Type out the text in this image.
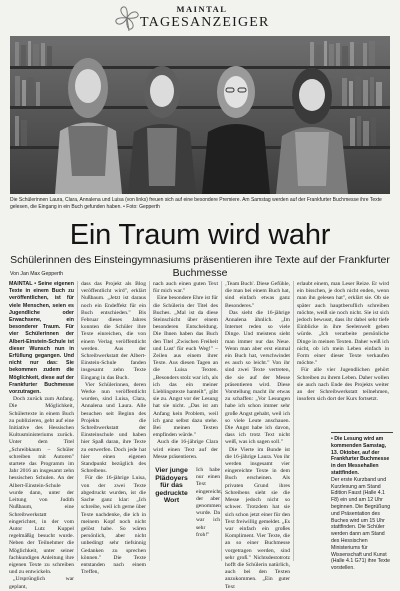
MAINTAL
TAGESANZEIGER
Die Schülerinnen Laura, Clara, Annalena und Luisa (von links) freuen sich auf eine besondere Premiere. Am Samstag werden auf der Frankfurter Buchmesse ihre Texte gelesen, die Eingang in ein Buch gefunden haben. • Foto: Gepperth
Ein Traum wird wahr
Schülerinnen des Einsteingymnasiums präsentieren ihre Texte auf der Frankfurter Buchmesse
Von Jan Max Gepperth

MAINTAL • Seine eigenen Texte in einem Buch zu veröffentlichen, ist für viele Menschen, seien es Jugendliche oder Erwachsene, ein besonderer Traum. Für vier Schülerinnen der Albert-Einstein-Schule ist dieser Wunsch nun in Erfüllung gegangen. Und nicht nur das: Sie bekommen zudem die Möglichkeit, diese auf der Frankfurter Buchmesse vorzutragen.

Doch zurück zum Anfang. Die Möglichkeit, Schülertexte in einem Buch zu publizieren, geht auf eine Initiative des Hessischen Kultusministeriums zurück. Unter dem Titel „Schreibkaum – Schüler schreiben mit Autoren" startete das Programm im Jahr 2016 an insgesamt zehn hessischen Schulen. An der Albert-Einstein-Schule wurde dann, unter der Leitung von Judith Nußbaum, eine Schreibwerkstatt eingerichtet, in der vom Autor Lutz Kuppel regelmäßig besucht wurde. Neben der Teilnehmer die Möglichkeit, unter seiner fachkundigen Anleitung ihre eigenen Texte zu schreiben und zu entwickeln.

„Ursprünglich war geplant,

dass das Projekt als Blog veröffentlicht wird", erklärt Nußbaum. „Jetzt ist daraus noch ein Endeffekt für ein Buch entschieden." Bis Februar dieses Jahres konnten die Schüler ihre Texte einreichen, die von einem Verlag veröffentlicht werden. Aus der Schreibwerkstatt der Albert-Einstein-Schule fanden insgesamt zehn Texte Eingang in das Buch.

Vier Schülerinnen, deren Werke nun veröffentlicht wurden, sind Luisa, Clara, Annalena und Laura. Alle besuchen seit Beginn des Projekts die Schreibwerkstatt der Einsteinschule und haben hier Spaß daran, ihre Texte zu entwerfen. Doch jede hat hier einen eigenen Standpunkt bezüglich des Schreibens.

Für die 16-jährige Luisa, von der zwei Texte abgedruckt wurden, ist die Sache ganz klar: „Ich schreibe, weil ich gerne über Texte nachdenke, die ich in meinem Kopf noch nicht gelöst habe. So wären persönlich, aber nicht unbedingt sehr tiefsinnig Gedanken zu sprechen können." Die Texte entstanden nach einem Treffen,

nach auch einen guten Text für mich war."

Eine besondere Ehre ist für die Schülerin der Titel des Buches. „Mal ist da diese Steinschicht über einem besonderen Entscheidung. Die Ihnen haben das Buch den Titel ‚Zwischen Freiheit und Lust' für euch Weg!" – Zeilen aus einem ihrer Texte. Aus diesen Tagen an die Luisa Texten. „Besonders stolz war ich, als ich das ein meiner Lieblingstexte hanteilt", gibt sie zu. Angst vor der Lesung hat sie nicht. „Das ist am Anfang kein Problem, weil ich ganz selbst dazu stehe. Bei meinen Texten empfinden würde."

Auch die 16-jährige Clara wird einen Text auf der Messe präsentieren.

Ich habe nur einen Text eingereicht, der aber genommen wurde. Da war ich sehr froh!"

Vier junge Plädoyers für das gedruckte Wort

‚Team Buch'. Diese Gefühle, die man bei einem Buch hat, sind einfach etwas ganz Besonderes."

Das sieht die 16-jährige Annalena ähnlich. „Im Internet reden so viele Dinge. Und meistens sieht man immer nur das Neue. Wenn man aber erst einmal ein Buch hat, verschwindet es auch so leicht." Von ihr sind zwei Texte vertreten, die sie auf der Messe präsentieren wird. Diese Vorstellung macht ihr etwas zu schaffen: „Vor Lesungen habe ich schon immer sehr große Angst gehabt, weil ich so viele Leute anschauen. Die Angst habe ich davon, dass ich trotz Text nicht weiß, was ich sagen soll."

Die Vierte im Bunde ist die 16-jährige Laura. Von ihr werden insgesamt vier eingereichte Texte in dem Buch erscheinen. Als privaten Grund ihres Schreibens sieht sie die Messe jedoch nicht so schwer. Trotzdem hat sie sich schon jetzt einer für den Text freiwillig gemeldet. „Es war einfach ein großes Kompliment. Vier Texte, die an so einer Buchmesse vorgetragen werden, sind sehr groß." Nichtsdestotrotz hofft die Schülerin natürlich, auch bei den Texten anzukommen. „Ein guter Text

erlaubt einem, man Leser Reize. Er wird ein bisschen, je doch nicht enden, wenn man ihn gelesen hat", erklärt sie. Ob sie später auch hauptberuflich schreiben möchte, weiß sie noch nicht. Sie ist sich jedoch bewusst, dass ihr dabei sehr tiefe Einblicke in ihre Seelenwelt geben würde. „Ich verarbeite persönliche Dinge in meinen Texten. Daher weiß ich nicht, ob ich mein Leben einfach in Form einer dieser Texte verkaufen möchte."

Für alle vier Jugendlichen gehört Schreiben zu ihrem Leben. Daher wollen sie auch nach Ende des Projekts weiter an der Schreibwerkstatt teilnehmen, insofern sich dort der Kurs fortsetzt.

• Die Lesung wird am kommenden Samstag, 13. Oktober, auf der Frankfurter Buchmesse in den Messehallen stattfinden.
Der erste Kurzband und Kurzlesung am Stand Edition Faust (Halle 4.1 F8) ein und am 12 Uhr beginnen. Die Begrüßung und Präsentation des Buches wird um 15 Uhr stattfinden. Die Schüler werden dann am Stand des Hessischen Ministeriums für Wissenschaft und Kunst (Halle 4.1 G71) ihre Texte vorstellen.
